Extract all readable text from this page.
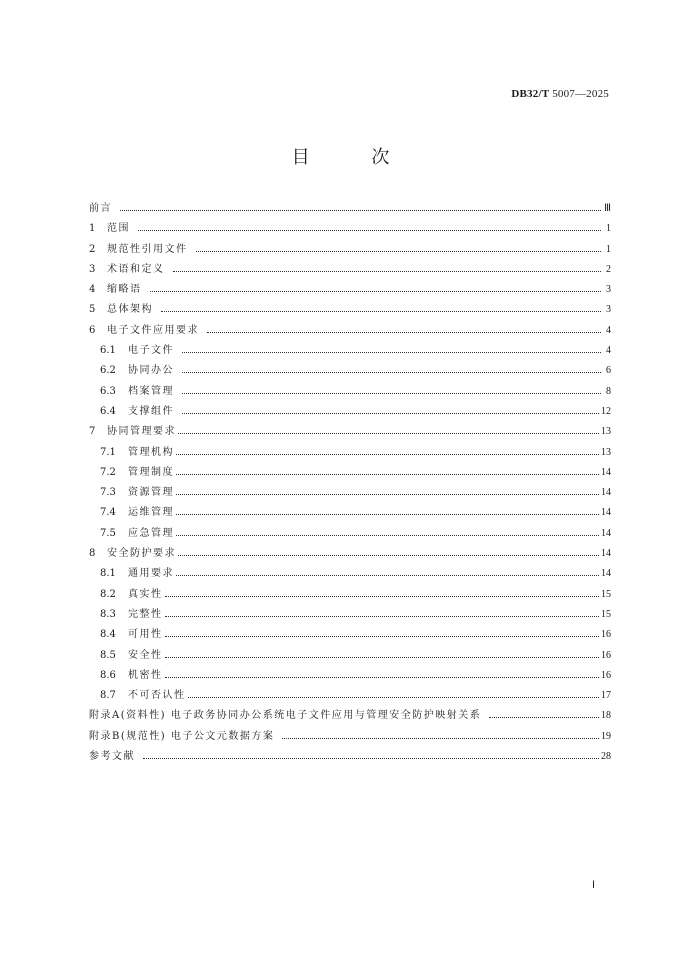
DB32/T 5007—2025
目 次
前言	Ⅲ
1	范围	1
2	规范性引用文件	1
3	术语和定义	2
4	缩略语	3
5	总体架构	3
6	电子文件应用要求	4
6.1	电子文件	4
6.2	协同办公	6
6.3	档案管理	8
6.4	支撑组件	12
7	协同管理要求	13
7.1	管理机构	13
7.2	管理制度	14
7.3	资源管理	14
7.4	运维管理	14
7.5	应急管理	14
8	安全防护要求	14
8.1	通用要求	14
8.2	真实性	15
8.3	完整性	15
8.4	可用性	16
8.5	安全性	16
8.6	机密性	16
8.7	不可否认性	17
附录A(资料性) 电子政务协同办公系统电子文件应用与管理安全防护映射关系	18
附录B(规范性) 电子公文元数据方案	19
参考文献	28
Ⅰ
